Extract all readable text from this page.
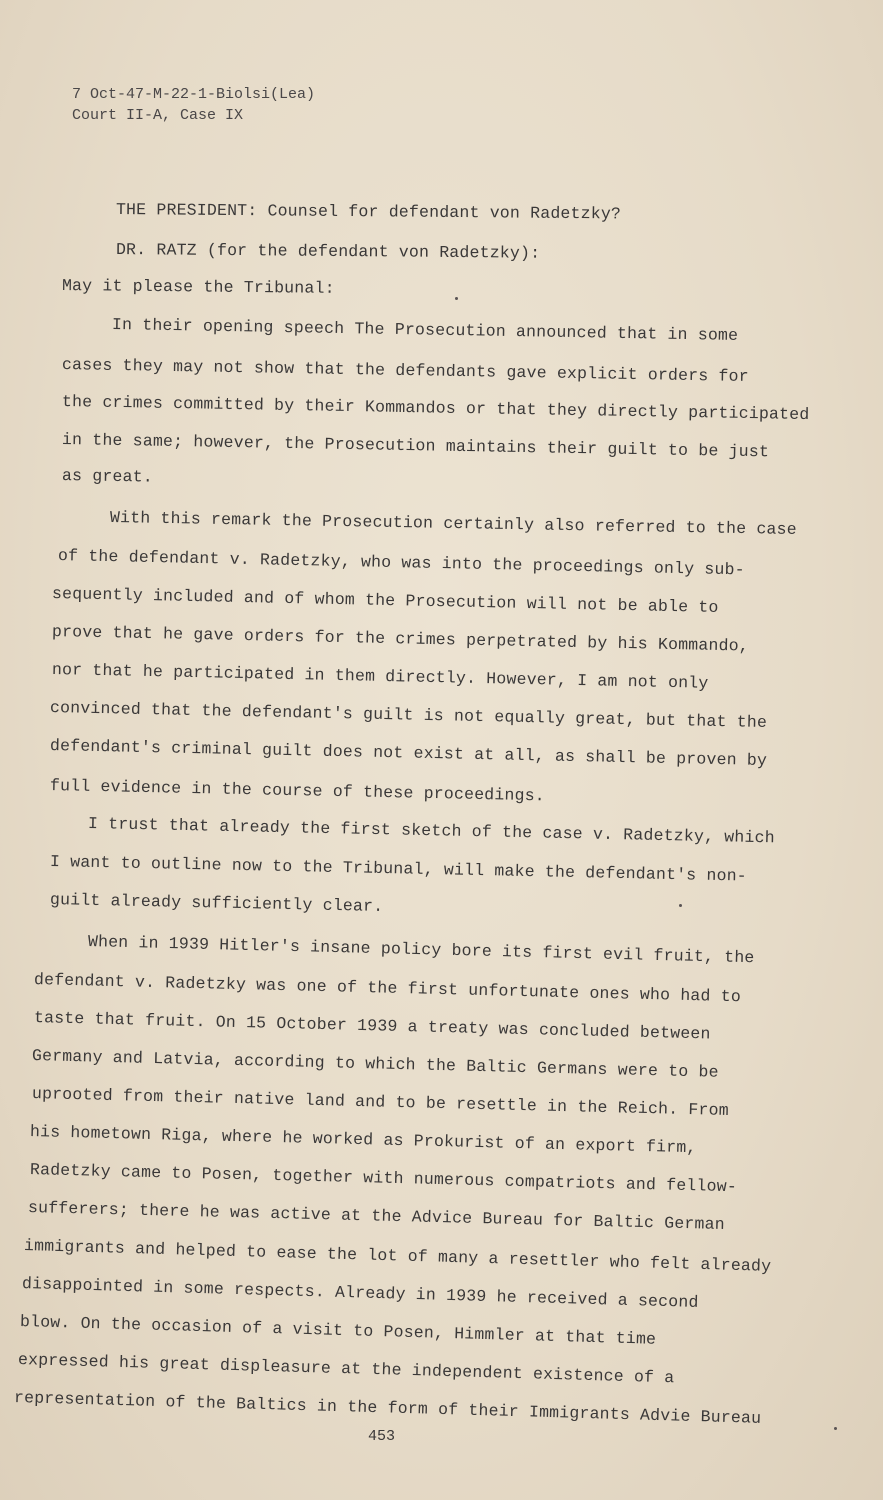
7 Oct-47-M-22-1-Biolsi(Lea)
Court II-A, Case IX
THE PRESIDENT: Counsel for defendant von Radetzky?
DR. RATZ (for the defendant von Radetzky):
May it please the Tribunal:
In their opening speech The Prosecution announced that in some
cases they may not show that the defendants gave explicit orders for
the crimes committed by their Kommandos or that they directly participated
in the same; however, the Prosecution maintains their guilt to be just
as great.
With this remark the Prosecution certainly also referred to the case
of the defendant v. Radetzky, who was into the proceedings only sub-
sequently included and of whom the Prosecution will not be able to
prove that he gave orders for the crimes perpetrated by his Kommando,
nor that he participated in them directly. However, I am not only
convinced that the defendant's guilt is not equally great, but that the
defendant's criminal guilt does not exist at all, as shall be proven by
full evidence in the course of these proceedings.
I trust that already the first sketch of the case v. Radetzky, which
I want to outline now to the Tribunal, will make the defendant's non-
guilt already sufficiently clear.
When in 1939 Hitler's insane policy bore its first evil fruit, the
defendant v. Radetzky was one of the first unfortunate ones who had to
taste that fruit. On 15 October 1939 a treaty was concluded between
Germany and Latvia, according to which the Baltic Germans were to be
uprooted from their native land and to be resettle in the Reich. From
his hometown Riga, where he worked as Prokurist of an export firm,
Radetzky came to Posen, together with numerous compatriots and fellow-
sufferers; there he was active at the Advice Bureau for Baltic German
immigrants and helped to ease the lot of many a resettler who felt already
disappointed in some respects. Already in 1939 he received a second
blow. On the occasion of a visit to Posen, Himmler at that time
expressed his great displeasure at the independent existence of a
representation of the Baltics in the form of their Immigrants Advie Bureau
453
